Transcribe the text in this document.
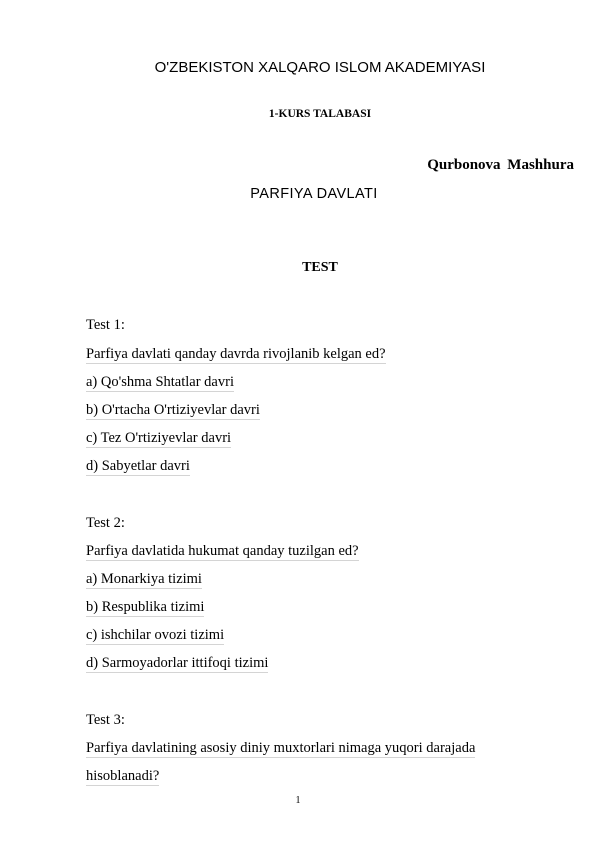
O'ZBEKISTON XALQARO ISLOM AKADEMIYASI
1-KURS TALABASI
Qurbonova Mashhura
PARFIYA DAVLATI
TEST
Test 1:
Parfiya davlati qanday davrda rivojlanib kelgan ed?
a) Qo'shma Shtatlar davri
b) O'rtacha O'rtiziyevlar davri
c) Tez O'rtiziyevlar davri
d) Sabyetlar davri
Test 2:
Parfiya davlatida hukumat qanday tuzilgan ed?
a) Monarkiya tizimi
b) Respublika tizimi
c) ishchilar ovozi tizimi
d) Sarmoyadorlar ittifoqi tizimi
Test 3:
Parfiya davlatining asosiy diniy muxtorlari nimaga yuqori darajada
hisoblanadi?
1
